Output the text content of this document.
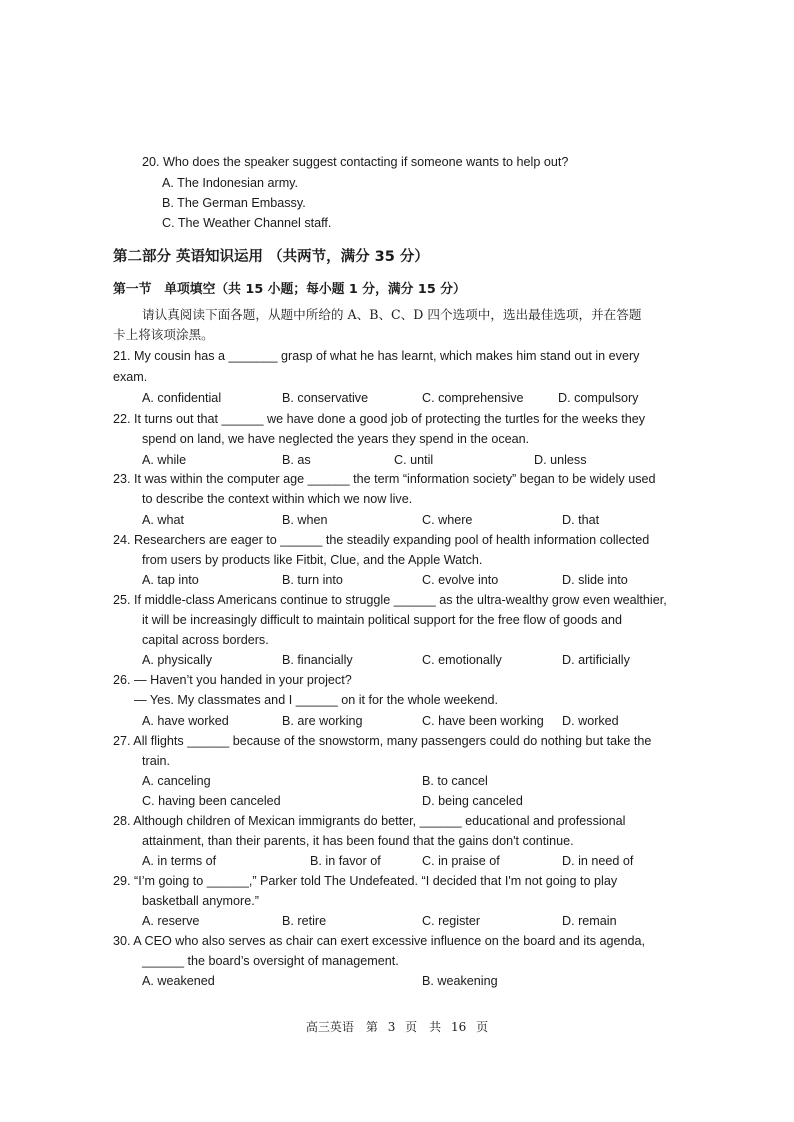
20. Who does the speaker suggest contacting if someone wants to help out?
A. The Indonesian army.
B. The German Embassy.
C. The Weather Channel staff.
第二部分 英语知识运用 （共两节，满分 35 分）
第一节　单项填空（共 15 小题；每小题 1 分，满分 15 分）
请认真阅读下面各题，从题中所给的 A、B、C、D 四个选项中，选出最佳选项，并在答题
卡上将该项涂黑。
21. My cousin has a _______ grasp of what he has learnt, which makes him stand out in every
exam.
A. confidential	B. conservative	C. comprehensive	D. compulsory
22. It turns out that ______ we have done a good job of protecting the turtles for the weeks they
spend on land, we have neglected the years they spend in the ocean.
A. while	B. as	C. until	D. unless
23. It was within the computer age ______ the term “information society” began to be widely used
to describe the context within which we now live.
A. what	B. when	C. where	D. that
24. Researchers are eager to ______ the steadily expanding pool of health information collected
from users by products like Fitbit, Clue, and the Apple Watch.
A. tap into	B. turn into	C. evolve into	D. slide into
25. If middle-class Americans continue to struggle ______ as the ultra-wealthy grow even wealthier,
it will be increasingly difficult to maintain political support for the free flow of goods and
capital across borders.
A. physically	B. financially	C. emotionally	D. artificially
26. — Haven’t you handed in your project?
— Yes. My classmates and I ______ on it for the whole weekend.
A. have worked	B. are working	C. have been working D. worked
27. All flights ______ because of the snowstorm, many passengers could do nothing but take the
train.
A. canceling	B. to cancel
C. having been canceled	D. being canceled
28. Although children of Mexican immigrants do better, ______ educational and professional
attainment, than their parents, it has been found that the gains don't continue.
A. in terms of	B. in favor of	C. in praise of	D. in need of
29. “I’m going to ______,” Parker told The Undefeated. “I decided that I'm not going to play
basketball anymore.”
A. reserve	B. retire	C. register	D. remain
30. A CEO who also serves as chair can exert excessive influence on the board and its agenda,
______ the board’s oversight of management.
A. weakened	B. weakening
高三英语　第 3 页　共 16 页
